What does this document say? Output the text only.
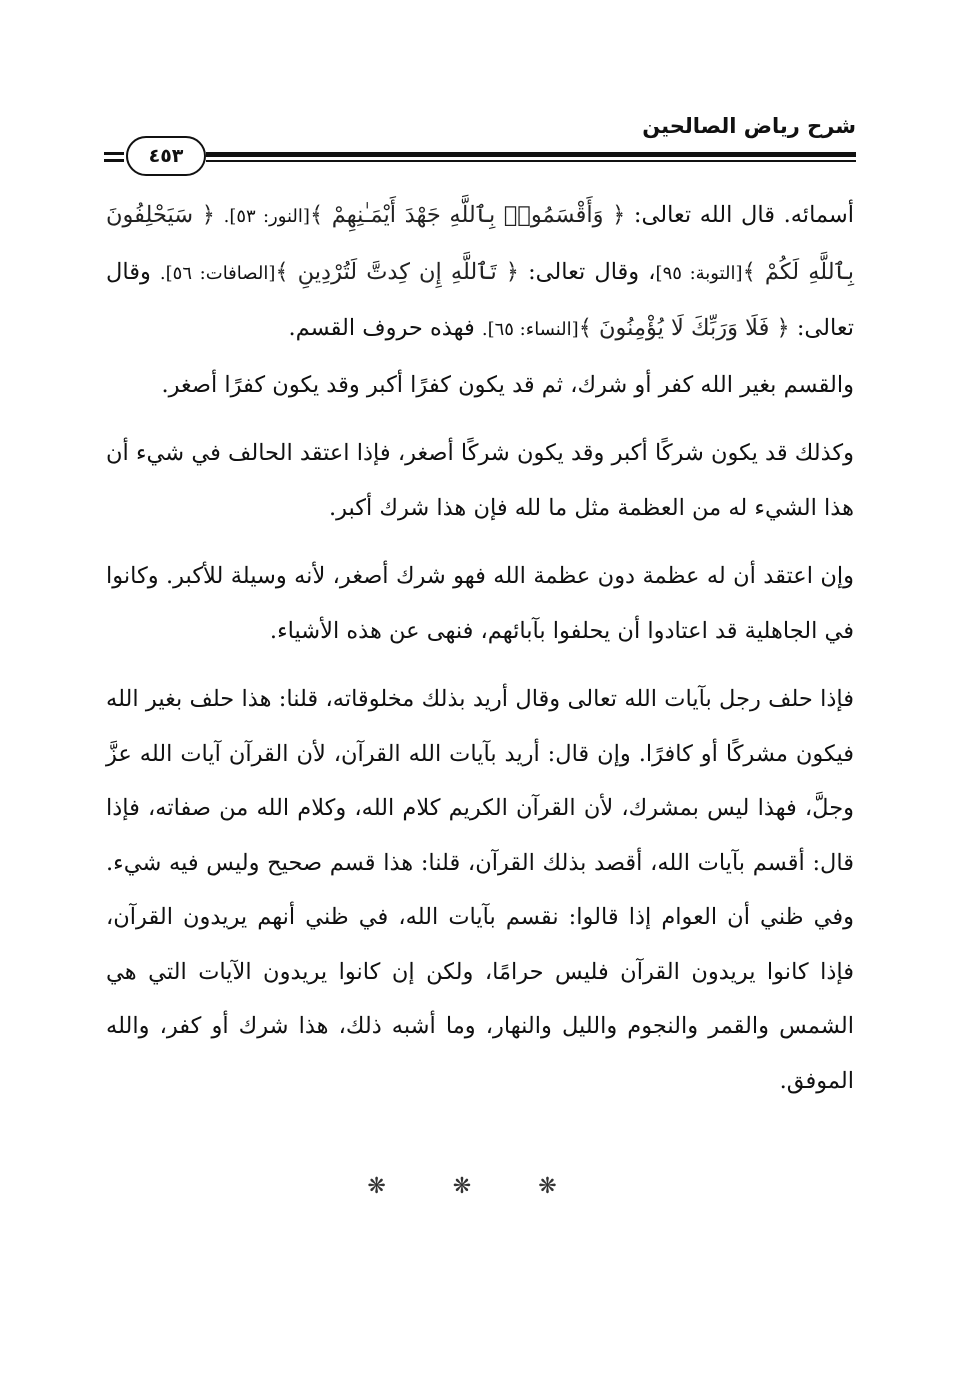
شرح رياض الصالحين
٤٥٣

أسمائه. قال الله تعالى: ﴿ وَأَقْسَمُوا۟ بِٱللَّهِ جَهْدَ أَيْمَـٰنِهِمْ ﴾[النور: ٥٣]. ﴿ سَيَحْلِفُونَ بِٱللَّهِ لَكُمْ ﴾[التوبة: ٩٥]، وقال تعالى: ﴿ تَٱللَّهِ إِن كِدتَّ لَتُرْدِينِ ﴾[الصافات: ٥٦]. وقال تعالى: ﴿ فَلَا وَرَبِّكَ لَا يُؤْمِنُونَ ﴾[النساء: ٦٥]. فهذه حروف القسم.

والقسم بغير الله كفر أو شرك، ثم قد يكون كفرًا أكبر وقد يكون كفرًا أصغر.

وكذلك قد يكون شركًا أكبر وقد يكون شركًا أصغر، فإذا اعتقد الحالف في شيء أن هذا الشيء له من العظمة مثل ما لله فإن هذا شرك أكبر.

وإن اعتقد أن له عظمة دون عظمة الله فهو شرك أصغر، لأنه وسيلة للأكبر. وكانوا في الجاهلية قد اعتادوا أن يحلفوا بآبائهم، فنهى عن هذه الأشياء.

فإذا حلف رجل بآيات الله تعالى وقال أريد بذلك مخلوقاته، قلنا: هذا حلف بغير الله فيكون مشركًا أو كافرًا. وإن قال: أريد بآيات الله القرآن، لأن القرآن آيات الله عزَّ وجلَّ، فهذا ليس بمشرك، لأن القرآن الكريم كلام الله، وكلام الله من صفاته، فإذا قال: أقسم بآيات الله، أقصد بذلك القرآن، قلنا: هذا قسم صحيح وليس فيه شيء. وفي ظني أن العوام إذا قالوا: نقسم بآيات الله، في ظني أنهم يريدون القرآن، فإذا كانوا يريدون القرآن فليس حرامًا، ولكن إن كانوا يريدون الآيات التي هي الشمس والقمر والنجوم والليل والنهار، وما أشبه ذلك، هذا شرك أو كفر، والله الموفق.

❋ ❋ ❋
